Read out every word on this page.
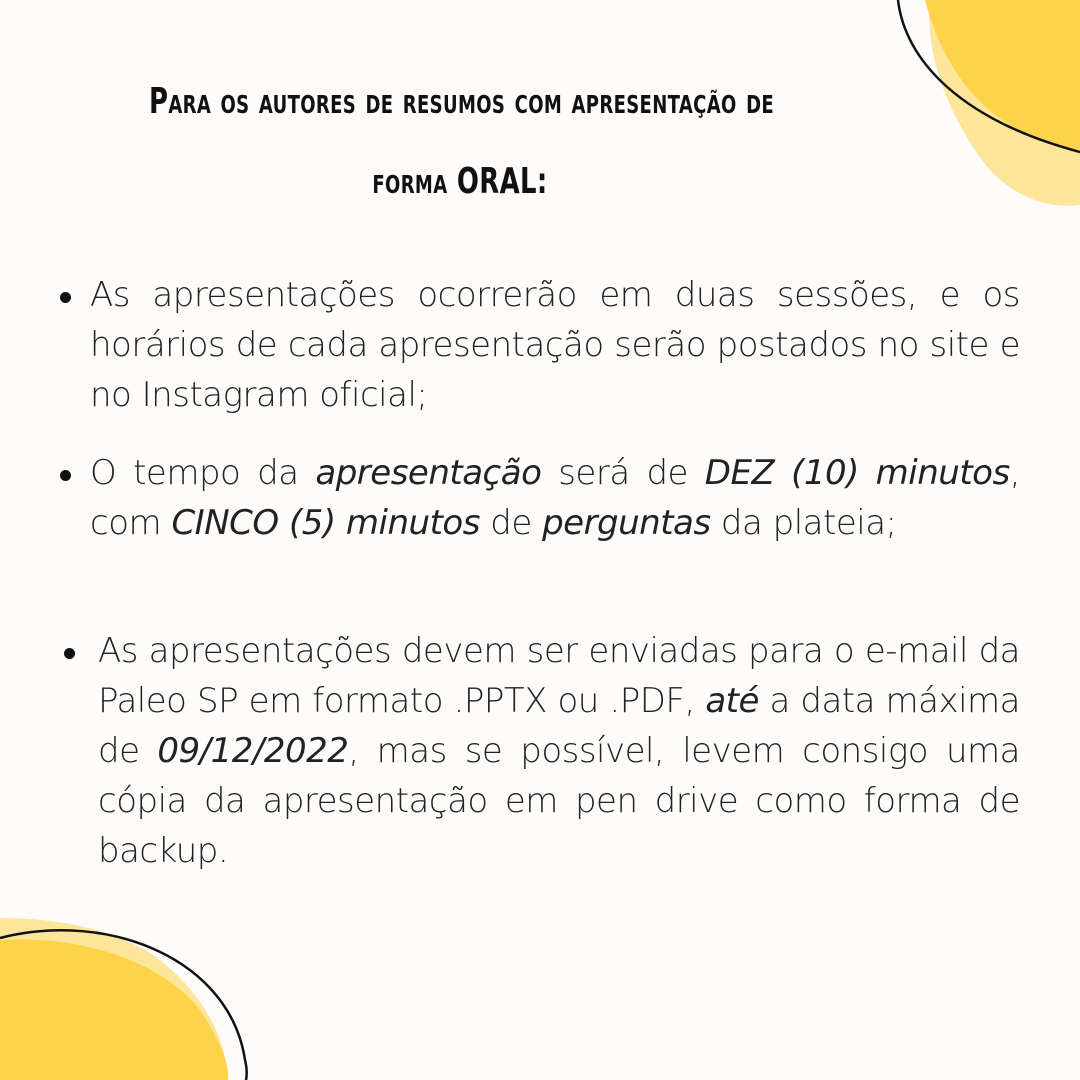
Para os autores de resumos com apresentação de
forma ORAL:
As apresentações ocorrerão em duas sessões, e os horários de cada apresentação serão postados no site e no Instagram oficial;
O tempo da apresentação será de DEZ (10) minutos, com CINCO (5) minutos de perguntas da plateia;
As apresentações devem ser enviadas para o e-mail da Paleo SP em formato .PPTX ou .PDF, até a data máxima de 09/12/2022, mas se possível, levem consigo uma cópia da apresentação em pen drive como forma de backup.
